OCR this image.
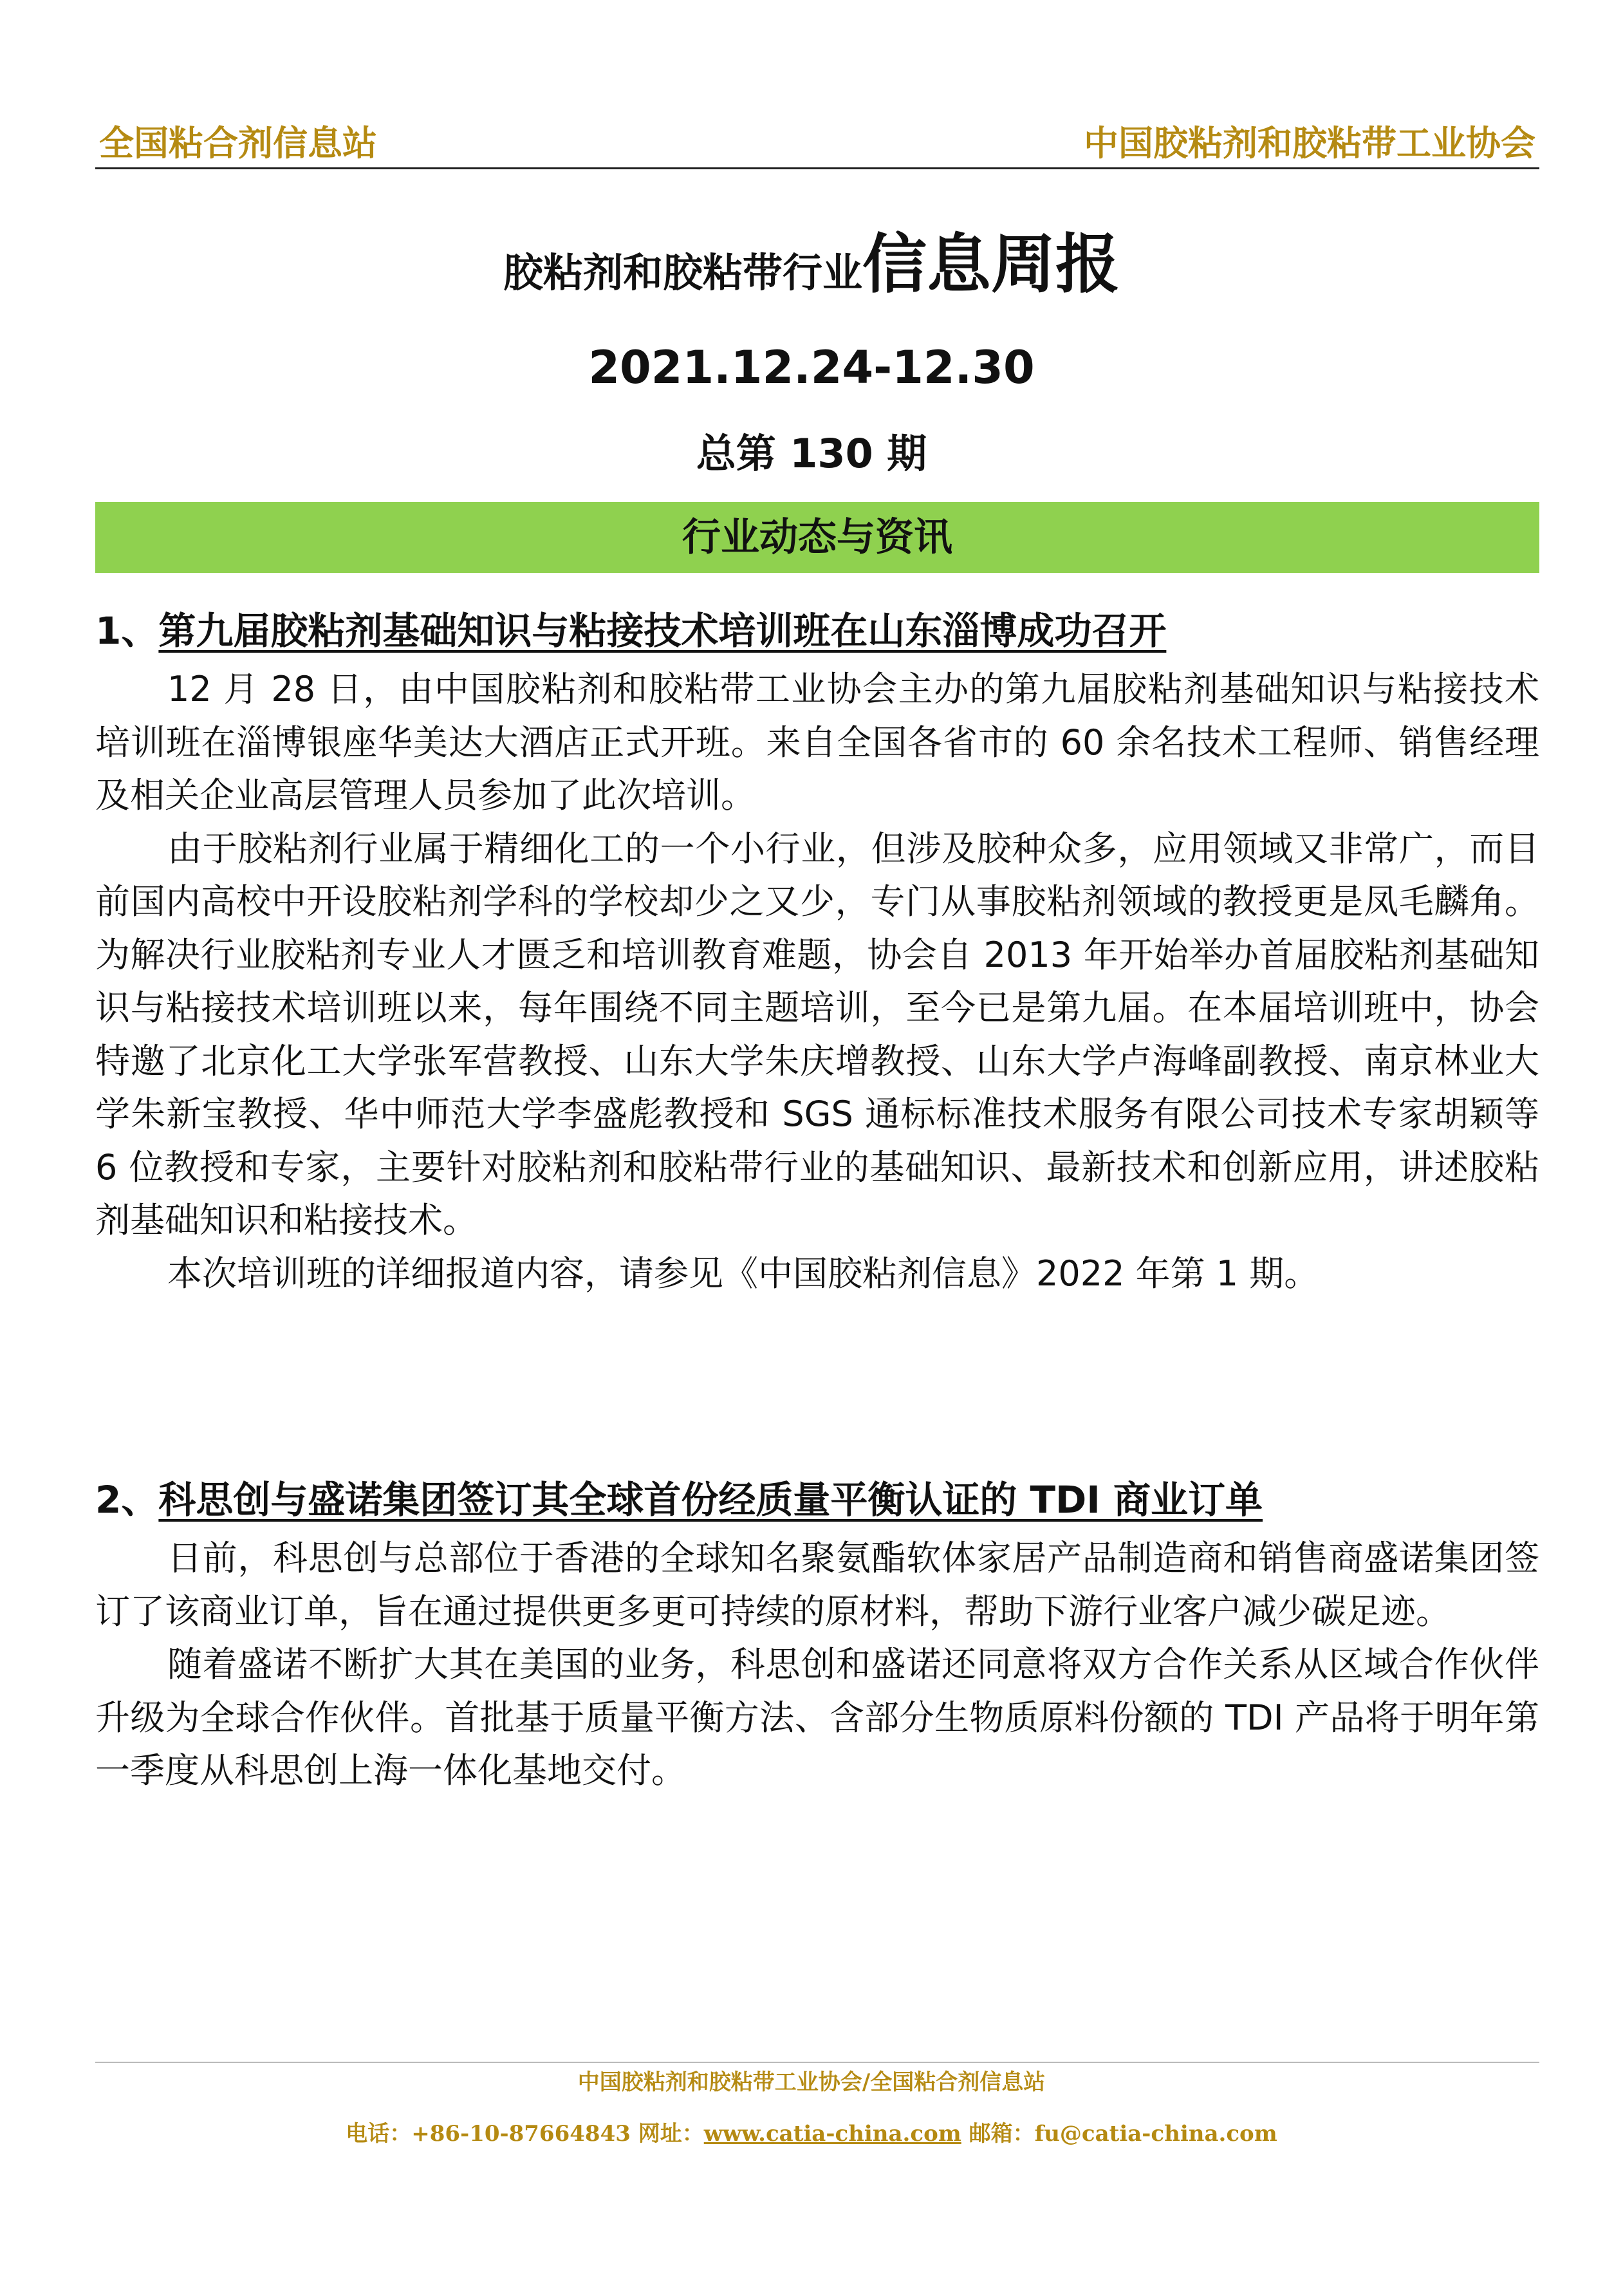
全国粘合剂信息站	中国胶粘剂和胶粘带工业协会
胶粘剂和胶粘带行业信息周报
2021.12.24-12.30
总第 130 期
行业动态与资讯
1、第九届胶粘剂基础知识与粘接技术培训班在山东淄博成功召开

12 月 28 日，由中国胶粘剂和胶粘带工业协会主办的第九届胶粘剂基础知识与粘接技术培训班在淄博银座华美达大酒店正式开班。来自全国各省市的 60 余名技术工程师、销售经理及相关企业高层管理人员参加了此次培训。

由于胶粘剂行业属于精细化工的一个小行业，但涉及胶种众多，应用领域又非常广，而目前国内高校中开设胶粘剂学科的学校却少之又少，专门从事胶粘剂领域的教授更是凤毛麟角。为解决行业胶粘剂专业人才匮乏和培训教育难题，协会自 2013 年开始举办首届胶粘剂基础知识与粘接技术培训班以来，每年围绕不同主题培训，至今已是第九届。在本届培训班中，协会特邀了北京化工大学张军营教授、山东大学朱庆增教授、山东大学卢海峰副教授、南京林业大学朱新宝教授、华中师范大学李盛彪教授和 SGS 通标标准技术服务有限公司技术专家胡颖等 6 位教授和专家，主要针对胶粘剂和胶粘带行业的基础知识、最新技术和创新应用，讲述胶粘剂基础知识和粘接技术。

本次培训班的详细报道内容，请参见《中国胶粘剂信息》2022 年第 1 期。

2、科思创与盛诺集团签订其全球首份经质量平衡认证的 TDI 商业订单

日前，科思创与总部位于香港的全球知名聚氨酯软体家居产品制造商和销售商盛诺集团签订了该商业订单，旨在通过提供更多更可持续的原材料，帮助下游行业客户减少碳足迹。

随着盛诺不断扩大其在美国的业务，科思创和盛诺还同意将双方合作关系从区域合作伙伴升级为全球合作伙伴。首批基于质量平衡方法、含部分生物质原料份额的 TDI 产品将于明年第一季度从科思创上海一体化基地交付。

中国胶粘剂和胶粘带工业协会/全国粘合剂信息站
电话：+86-10-87664843 网址：www.catia-china.com 邮箱：fu@catia-china.com
